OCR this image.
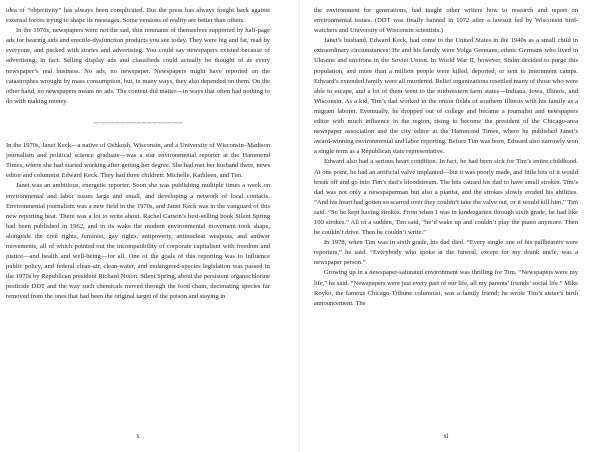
idea of “objectivity” has always been complicated. But the press has always fought back against external forces trying to shape its messages. Some versions of reality are better than others.

In the 1970s, newspapers were not the sad, thin remnants of themselves supported by half-page ads for hearing aids and erectile-dysfunction products you see today. They were big and fat, read by everyone, and packed with stories and advertising. You could say newspapers existed because of advertising, in fact. Selling display ads and classifieds could actually be thought of as every newspaper’s real business. No ads, no newspaper. Newspapers might have reported on the catastrophes wrought by mass consumption, but, in many ways, they also depended on them. On the other hand, no newspapers meant no ads. The content did matter—in ways that often had nothing to do with making money.

~~~~~~~~~~~~~~~~~~~~~~~~

In the 1970s, Janet Keck—a native of Oshkosh, Wisconsin, and a University of Wisconsin–Madison journalism and political science graduate—was a star environmental reporter at the Hammond Times, where she had started working after getting her degree. She had met her husband there, news editor and columnist Edward Keck. They had three children: Michelle, Kathleen, and Tim.

Janet was an ambitious, energetic reporter. Soon she was publishing multiple times a week on environmental and labor issues large and small, and developing a network of local contacts. Environmental journalism was a new field in the 1970s, and Janet Keck was in the vanguard of this new reporting beat. There was a lot to write about. Rachel Carson’s best-selling book Silent Spring had been published in 1962, and in its wake the modern environmental movement took shape, alongside the civil rights, feminist, gay rights, antipoverty, antinuclear weapons, and antiwar movements, all of which pointed out the incompatibility of corporate capitalism with freedom and justice—and health and well-being—for all. One of the goals of this reporting was to influence public policy, and federal clean-air, clean-water, and endangered-species legislation was passed in the 1970s by Republican president Richard Nixon. Silent Spring, about the persistent organochlorine pesticide DDT and the way such chemicals moved through the food chain, decimating species far removed from the ones that had been the original target of the poison and staying in

x

the environment for generations, had taught other writers how to research and report on environmental issues. (DDT was finally banned in 1972 after a lawsuit led by Wisconsin bird-watchers and University of Wisconsin scientists.)

Janet’s husband, Edward Keck, had come to the United States in the 1940s as a small child in extraordinary circumstances: He and his family were Volga Germans, ethnic Germans who lived in Ukraine and environs in the Soviet Union. In World War II, however, Stalin decided to purge this population, and more than a million people were killed, deported, or sent to internment camps. Edward’s extended family were all murdered. Relief organizations resettled many of those who were able to escape, and a lot of them went to the midwestern farm states—Indiana, Iowa, Illinois, and Wisconsin. As a kid, Tim’s dad worked in the onion fields of southern Illinois with his family as a migrant laborer. Eventually, he dropped out of college and became a journalist and newspapers editor with much influence in the region, rising to become the president of the Chicago-area newspaper association and the city editor at the Hammond Times, where he published Janet’s award-winning environmental and labor reporting. Before Tim was born, Edward also narrowly won a single term as a Republican state representative.

Edward also had a serious heart condition. In fact, he had been sick for Tim’s entire childhood. At one point, he had an artificial valve implanted—but it was poorly made, and little bits of it would break off and go into Tim’s dad’s bloodstream. The bits caused his dad to have small strokes. Tim’s dad was not only a newspaperman but also a pianist, and the strokes slowly eroded his abilities. “And his heart had gotten so scarred over they couldn’t take the valve out, or it would kill him,” Tim said. “So he kept having strokes. From when I was in kindergarten through sixth grade, he had like 100 strokes.” All of a sudden, Tim said, “he’d wake up and couldn’t play the piano anymore. Then he couldn’t drive. Then he couldn’t write.”

In 1978, when Tim was in sixth grade, his dad died. “Every single one of his pallbearers were reporters,” he said. “Everybody who spoke at the funeral, except for my drunk uncle, was a newspaper person.”

Growing up in a newspaper-saturated environment was thrilling for Tim. “Newspapers were my life,” he said. “Newspapers were just every part of our life, all my parents’ friends’ social life.” Mike Royko, the famous Chicago Tribune columnist, was a family friend; he wrote Tim’s sister’s birth announcement. The

xi
